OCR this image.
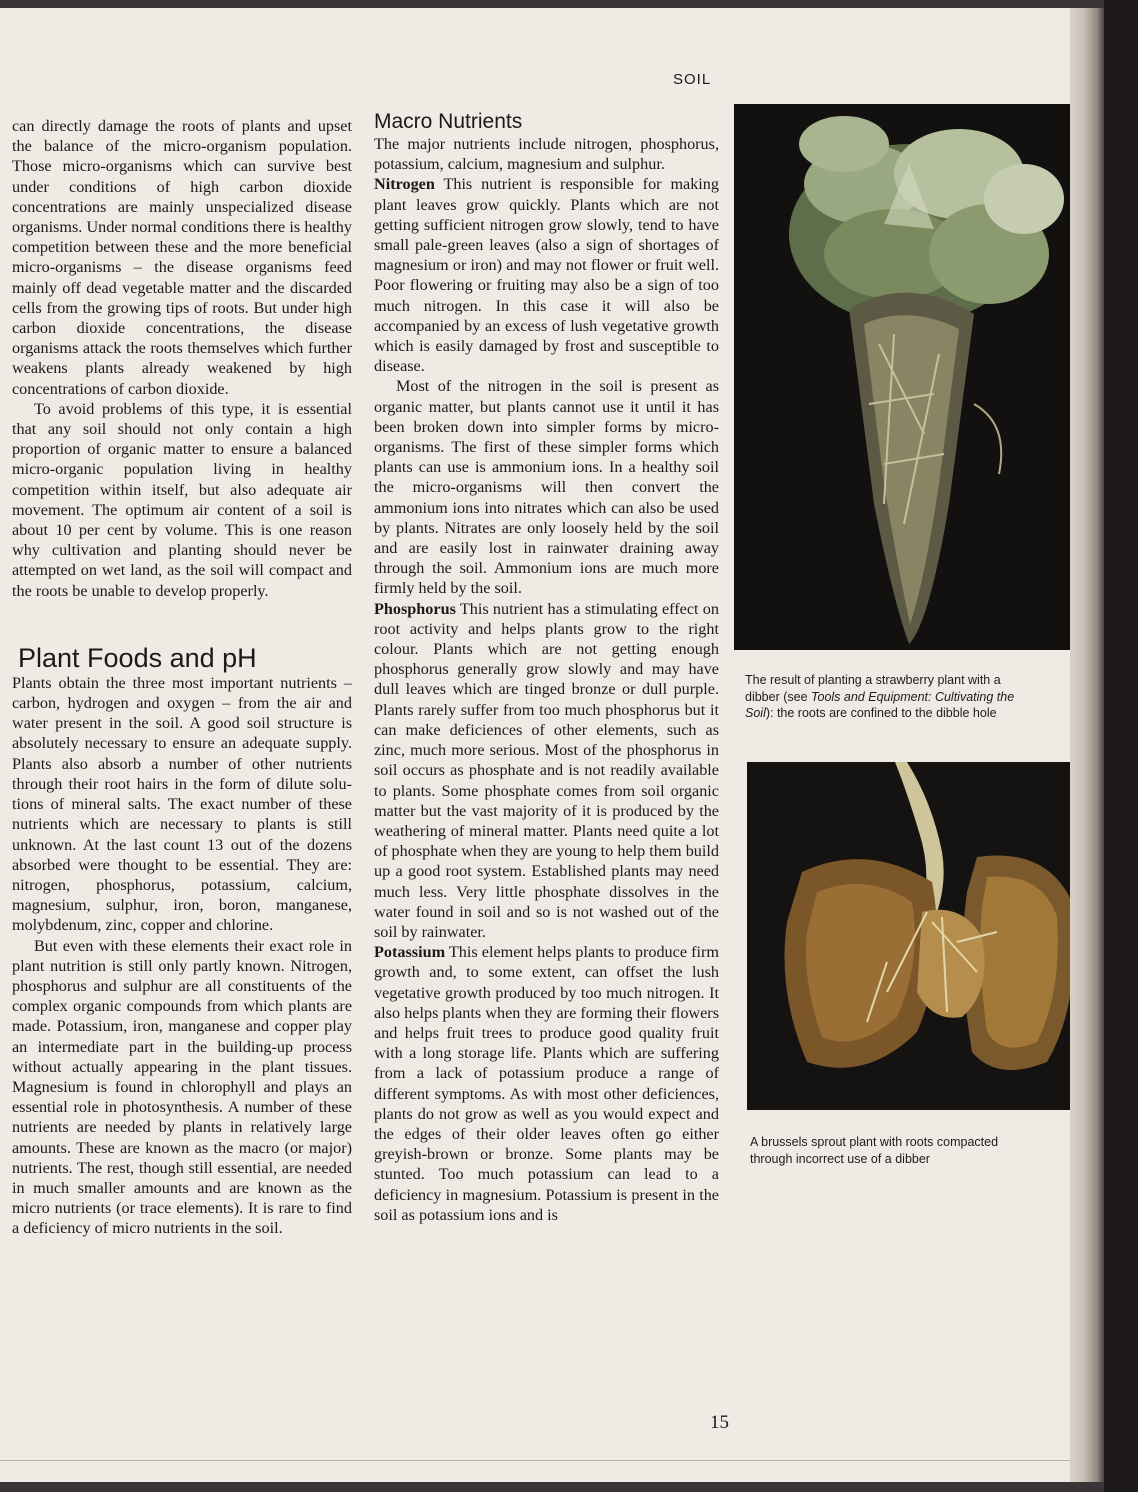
SOIL

can directly damage the roots of plants and upset the balance of the micro-organism population. Those micro-organisms which can survive best under conditions of high carbon dioxide concentrations are mainly unspecialized disease organisms. Under normal conditions there is healthy competition between these and the more beneficial micro-organisms – the disease organisms feed mainly off dead vegetable matter and the discarded cells from the growing tips of roots. But under high carbon dioxide concentrations, the disease organisms attack the roots themselves which further weakens plants already weakened by high concentrations of carbon dioxide.

To avoid problems of this type, it is essential that any soil should not only contain a high proportion of organic matter to ensure a balanced micro-organic population living in healthy competition within itself, but also adequate air movement. The optimum air content of a soil is about 10 per cent by volume. This is one reason why cultivation and planting should never be attempted on wet land, as the soil will compact and the roots be unable to develop properly.

Plant Foods and pH

Plants obtain the three most important nutrients – carbon, hydrogen and oxygen – from the air and water present in the soil. A good soil structure is absolutely necessary to ensure an adequate supply. Plants also absorb a number of other nutrients through their root hairs in the form of dilute solutions of mineral salts. The exact number of these nutrients which are necessary to plants is still unknown. At the last count 13 out of the dozens absorbed were thought to be essential. They are: nitrogen, phosphorus, potassium, calcium, magnesium, sulphur, iron, boron, manganese, molybdenum, zinc, copper and chlorine.

But even with these elements their exact role in plant nutrition is still only partly known. Nitrogen, phosphorus and sulphur are all constituents of the complex organic compounds from which plants are made. Potassium, iron, manganese and copper play an intermediate part in the building-up process without actually appearing in the plant tissues. Magnesium is found in chlorophyll and plays an essential role in photosynthesis. A number of these nutrients are needed by plants in relatively large amounts. These are known as the macro (or major) nutrients. The rest, though still essential, are needed in much smaller amounts and are known as the micro nutrients (or trace elements). It is rare to find a deficiency of micro nutrients in the soil.

Macro Nutrients

The major nutrients include nitrogen, phosphorus, potassium, calcium, magnesium and sulphur.

Nitrogen This nutrient is responsible for making plant leaves grow quickly. Plants which are not getting sufficient nitrogen grow slowly, tend to have small pale-green leaves (also a sign of shortages of magnesium or iron) and may not flower or fruit well. Poor flowering or fruiting may also be a sign of too much nitrogen. In this case it will also be accompanied by an excess of lush vegetative growth which is easily damaged by frost and susceptible to disease.

Most of the nitrogen in the soil is present as organic matter, but plants cannot use it until it has been broken down into simpler forms by micro-organisms. The first of these simpler forms which plants can use is ammonium ions. In a healthy soil the micro-organisms will then convert the ammonium ions into nitrates which can also be used by plants. Nitrates are only loosely held by the soil and are easily lost in rainwater draining away through the soil. Ammonium ions are much more firmly held by the soil.

Phosphorus This nutrient has a stimulating effect on root activity and helps plants grow to the right colour. Plants which are not getting enough phosphorus generally grow slowly and may have dull leaves which are tinged bronze or dull purple. Plants rarely suffer from too much phosphorus but it can make deficiences of other elements, such as zinc, much more serious. Most of the phosphorus in soil occurs as phosphate and is not readily available to plants. Some phosphate comes from soil organic matter but the vast majority of it is produced by the weathering of mineral matter. Plants need quite a lot of phosphate when they are young to help them build up a good root system. Established plants may need much less. Very little phosphate dissolves in the water found in soil and so is not washed out of the soil by rainwater.

Potassium This element helps plants to produce firm growth and, to some extent, can offset the lush vegetative growth produced by too much nitrogen. It also helps plants when they are forming their flowers and helps fruit trees to produce good quality fruit with a long storage life. Plants which are suffering from a lack of potassium produce a range of different symptoms. As with most other deficiences, plants do not grow as well as you would expect and the edges of their older leaves often go either greyish-brown or bronze. Some plants may be stunted. Too much potassium can lead to a deficiency in magnesium. Potassium is present in the soil as potassium ions and is

The result of planting a strawberry plant with a dibber (see Tools and Equipment: Cultivating the Soil): the roots are confined to the dibble hole
A brussels sprout plant with roots compacted through incorrect use of a dibber
15
